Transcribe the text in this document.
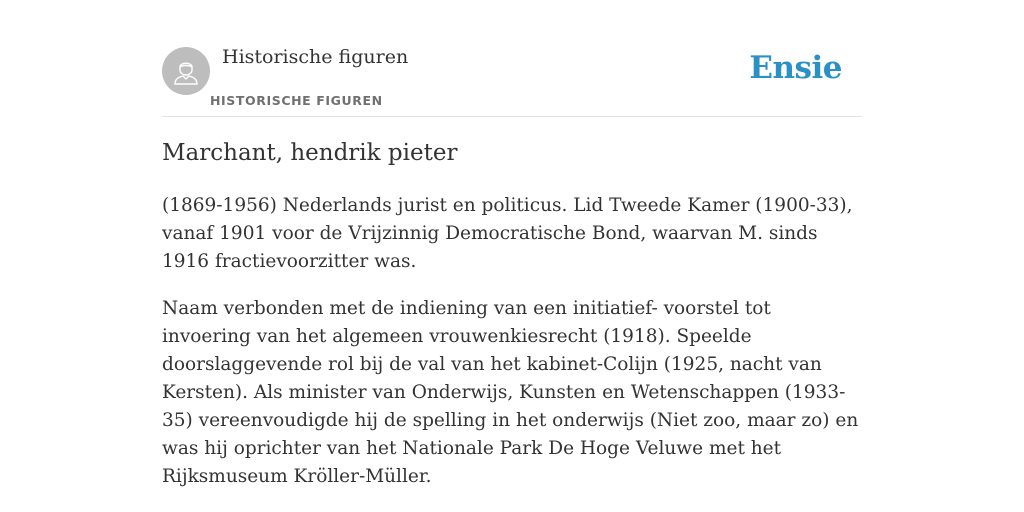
Historische figuren
HISTORISCHE FIGUREN
Ensie
Marchant, hendrik pieter

(1869-1956) Nederlands jurist en politicus. Lid Tweede Kamer (1900-33), vanaf 1901 voor de Vrijzinnig Democratische Bond, waarvan M. sinds 1916 fractievoorzitter was.

Naam verbonden met de indiening van een initiatief- voorstel tot invoering van het algemeen vrouwenkiesrecht (1918). Speelde doorslaggevende rol bij de val van het kabinet-Colijn (1925, nacht van Kersten). Als minister van Onderwijs, Kunsten en Wetenschappen (1933-35) vereenvoudigde hij de spelling in het onderwijs (Niet zoo, maar zo) en was hij oprichter van het Nationale Park De Hoge Veluwe met het Rijksmuseum Kröller-Müller.
